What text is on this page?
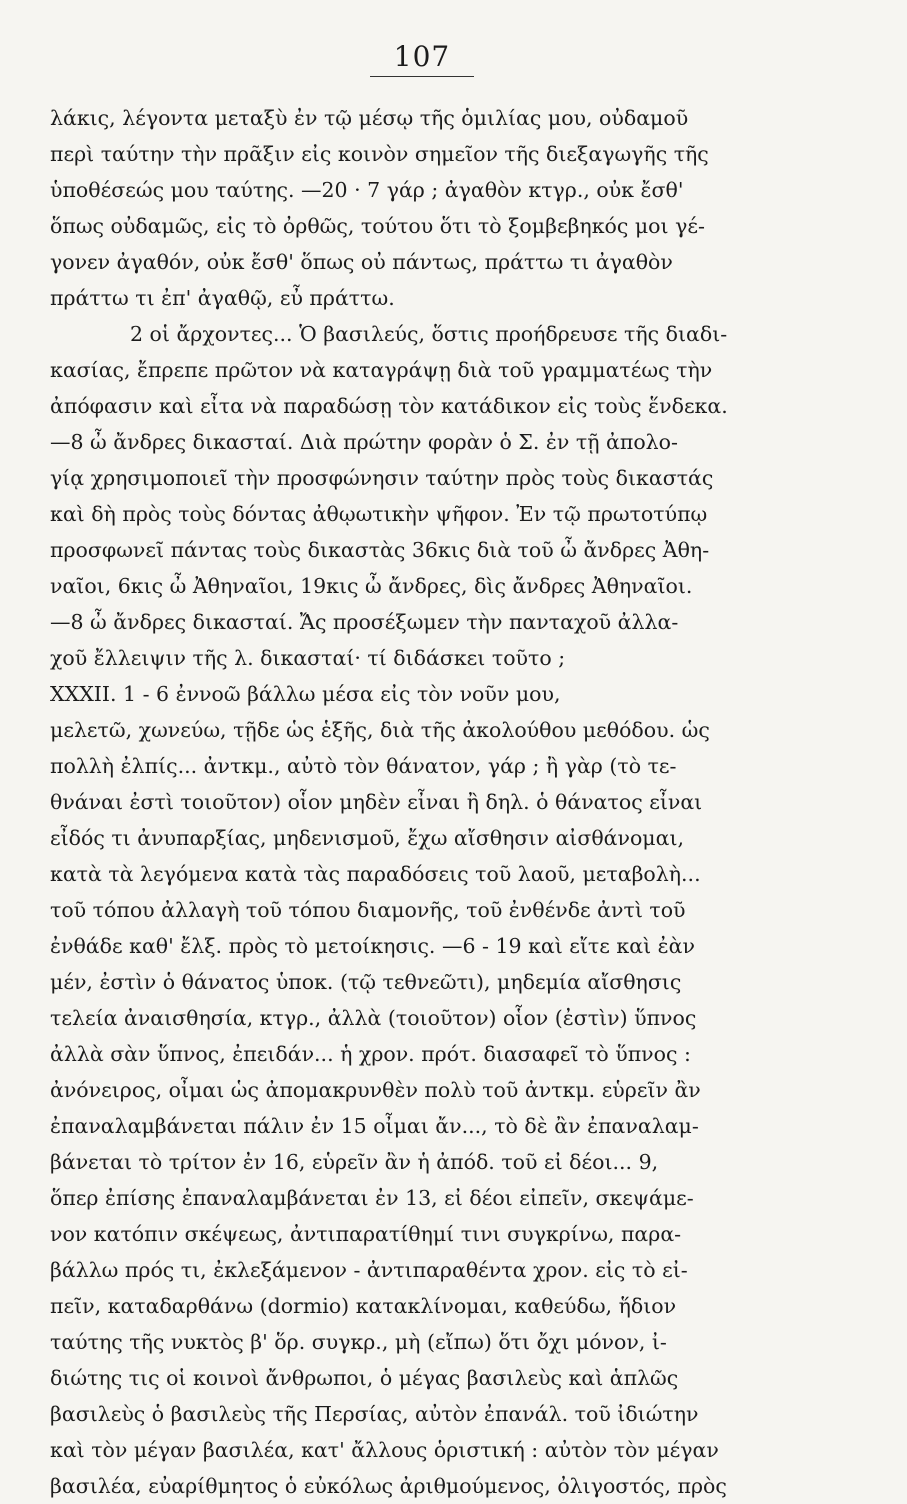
107
λάκις, λέγοντα μεταξὺ ἐν τῷ μέσῳ τῆς ὁμιλίας μου, οὐδαμοῦ
περὶ ταύτην τὴν πρᾶξιν εἰς κοινὸν σημεῖον τῆς διεξαγωγῆς τῆς
ὑποθέσεώς μου ταύτης. —20 · 7 γάρ ; ἀγαθὸν κτγρ., οὐκ ἔσθ'
ὅπως οὐδαμῶς, εἰς τὸ ὀρθῶς, τούτου ὅτι τὸ ξομβεβηκός μοι γέ-
γονεν ἀγαθόν, οὐκ ἔσθ' ὅπως οὐ πάντως, πράττω τι ἀγαθὸν
πράττω τι ἐπ' ἀγαθῷ, εὖ πράττω.
2 οἱ ἄρχοντες... Ὁ βασιλεύς, ὅστις προήδρευσε τῆς διαδι-
κασίας, ἔπρεπε πρῶτον νὰ καταγράψῃ διὰ τοῦ γραμματέως τὴν
ἀπόφασιν καὶ εἶτα νὰ παραδώσῃ τὸν κατάδικον εἰς τοὺς ἕνδεκα.
—8 ὦ ἄνδρες δικασταί. Διὰ πρώτην φορὰν ὁ Σ. ἐν τῇ ἀπολο-
γίᾳ χρησιμοποιεῖ τὴν προσφώνησιν ταύτην πρὸς τοὺς δικαστάς
καὶ δὴ πρὸς τοὺς δόντας ἀθῳωτικὴν ψῆφον. Ἐν τῷ πρωτοτύπῳ
προσφωνεῖ πάντας τοὺς δικαστὰς 36κις διὰ τοῦ ὦ ἄνδρες Ἀθη-
ναῖοι, 6κις ὦ Ἀθηναῖοι, 19κις ὦ ἄνδρες, δὶς ἄνδρες Ἀθηναῖοι.
—8 ὦ ἄνδρες δικασταί. Ἄς προσέξωμεν τὴν πανταχοῦ ἀλλα-
χοῦ ἔλλειψιν τῆς λ. δικασταί· τί διδάσκει τοῦτο ;
XXXII. 1 - 6 ἐννοῶ βάλλω μέσα εἰς τὸν νοῦν μου,
μελετῶ, χωνεύω, τῇδε ὡς ἑξῆς, διὰ τῆς ἀκολούθου μεθόδου. ὡς
πολλὴ ἐλπίς... ἀντκμ., αὐτὸ τὸν θάνατον, γάρ ; ἢ γὰρ (τὸ τε-
θνάναι ἐστὶ τοιοῦτον) οἷον μηδὲν εἶναι ἢ δηλ. ὁ θάνατος εἶναι
εἶδός τι ἀνυπαρξίας, μηδενισμοῦ, ἔχω αἴσθησιν αἰσθάνομαι,
κατὰ τὰ λεγόμενα κατὰ τὰς παραδόσεις τοῦ λαοῦ, μεταβολὴ...
τοῦ τόπου ἀλλαγὴ τοῦ τόπου διαμονῆς, τοῦ ἐνθένδε ἀντὶ τοῦ
ἐνθάδε καθ' ἔλξ. πρὸς τὸ μετοίκησις. —6 - 19 καὶ εἴτε καὶ ἐὰν
μέν, ἐστὶν ὁ θάνατος ὑποκ. (τῷ τεθνεῶτι), μηδεμία αἴσθησις
τελεία ἀναισθησία, κτγρ., ἀλλὰ (τοιοῦτον) οἷον (ἐστὶν) ὕπνος
ἀλλὰ σὰν ὕπνος, ἐπειδάν... ἡ χρον. πρότ. διασαφεῖ τὸ ὕπνος :
ἀνόνειρος, οἶμαι ὡς ἀπομακρυνθὲν πολὺ τοῦ ἀντκμ. εὑρεῖν ἂν
ἐπαναλαμβάνεται πάλιν ἐν 15 οἶμαι ἄν..., τὸ δὲ ἂν ἐπαναλαμ-
βάνεται τὸ τρίτον ἐν 16, εὑρεῖν ἂν ἡ ἀπόδ. τοῦ εἰ δέοι... 9,
ὅπερ ἐπίσης ἐπαναλαμβάνεται ἐν 13, εἰ δέοι εἰπεῖν, σκεψάμε-
νον κατόπιν σκέψεως, ἀντιπαρατίθημί τινι συγκρίνω, παρα-
βάλλω πρός τι, ἐκλεξάμενον - ἀντιπαραθέντα χρον. εἰς τὸ εἰ-
πεῖν, καταδαρθάνω (dormio) κατακλίνομαι, καθεύδω, ἥδιον
ταύτης τῆς νυκτὸς β' ὅρ. συγκρ., μὴ (εἴπω) ὅτι ὄχι μόνον, ἰ-
διώτης τις οἱ κοινοὶ ἄνθρωποι, ὁ μέγας βασιλεὺς καὶ ἁπλῶς
βασιλεὺς ὁ βασιλεὺς τῆς Περσίας, αὐτὸν ἐπανάλ. τοῦ ἰδιώτην
καὶ τὸν μέγαν βασιλέα, κατ' ἄλλους ὁριστική : αὐτὸν τὸν μέγαν
βασιλέα, εὐαρίθμητος ὁ εὐκόλως ἀριθμούμενος, ὀλιγοστός, πρὸς
